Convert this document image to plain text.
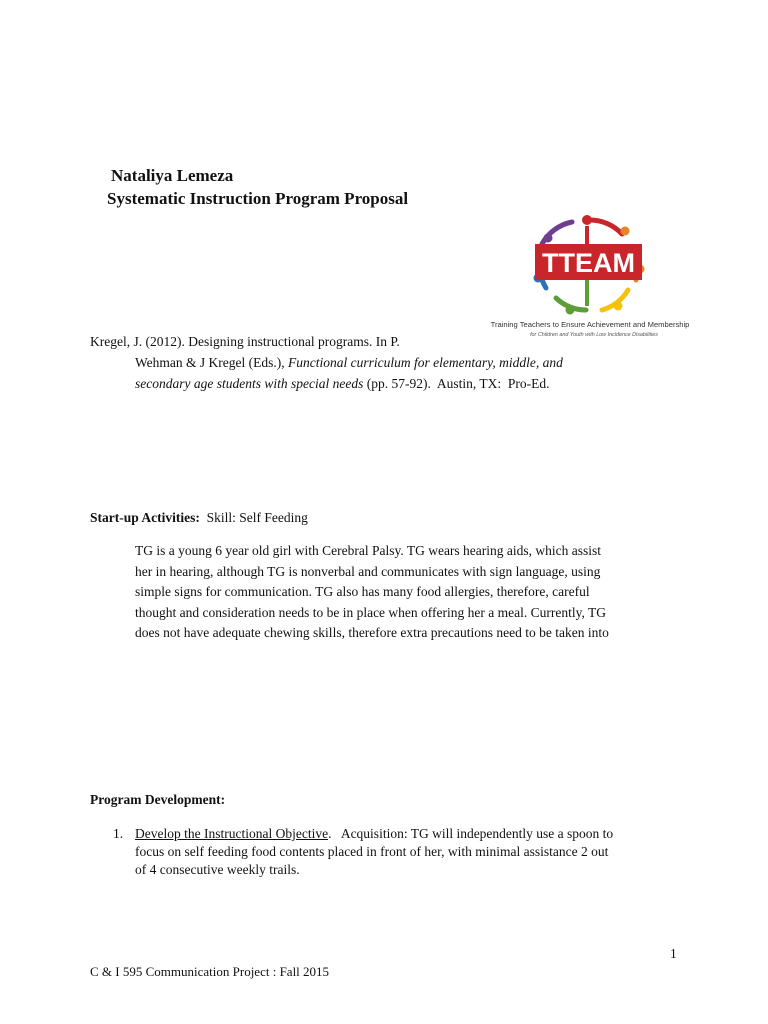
Nataliya Lemeza
Systematic Instruction Program Proposal
TTEAM
Training Teachers to Ensure Achievement and Membership
for Children and Youth with Low Incidence Disabilities
Kregel, J. (2012). Designing instructional programs. In P.
Wehman & J Kregel (Eds.), Functional curriculum for elementary, middle, and
secondary age students with special needs (pp. 57-92).  Austin, TX:  Pro-Ed.
Start-up Activities:  Skill: Self Feeding
TG is a young 6 year old girl with Cerebral Palsy. TG wears hearing aids, which assist
her in hearing, although TG is nonverbal and communicates with sign language, using
simple signs for communication. TG also has many food allergies, therefore, careful
thought and consideration needs to be in place when offering her a meal. Currently, TG
does not have adequate chewing skills, therefore extra precautions need to be taken into
Program Development:
1. Develop the Instructional Objective.   Acquisition: TG will independently use a spoon to
focus on self feeding food contents placed in front of her, with minimal assistance 2 out
of 4 consecutive weekly trails.
1
C & I 595 Communication Project : Fall 2015
